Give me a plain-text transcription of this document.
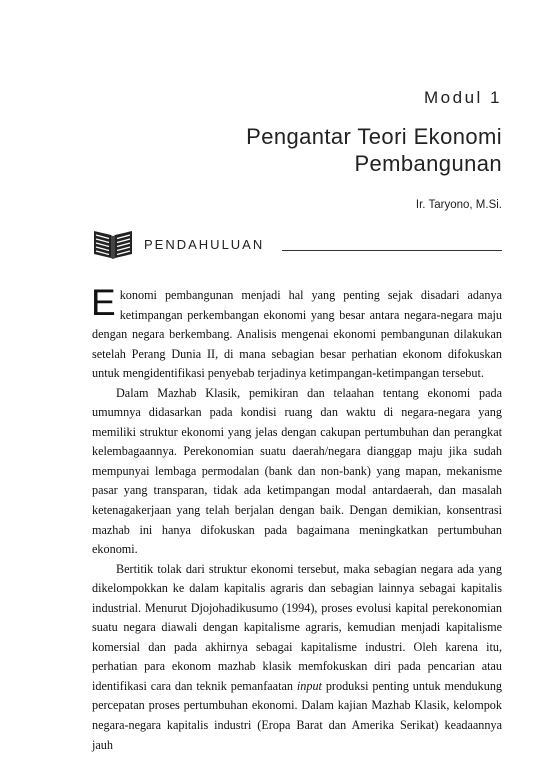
Modul 1
Pengantar Teori Ekonomi
Pembangunan
Ir. Taryono, M.Si.
PENDAHULUAN

Ekonomi pembangunan menjadi hal yang penting sejak disadari adanya ketimpangan perkembangan ekonomi yang besar antara negara-negara maju dengan negara berkembang. Analisis mengenai ekonomi pembangunan dilakukan setelah Perang Dunia II, di mana sebagian besar perhatian ekonom difokuskan untuk mengidentifikasi penyebab terjadinya ketimpangan-ketimpangan tersebut.

Dalam Mazhab Klasik, pemikiran dan telaahan tentang ekonomi pada umumnya didasarkan pada kondisi ruang dan waktu di negara-negara yang memiliki struktur ekonomi yang jelas dengan cakupan pertumbuhan dan perangkat kelembagaannya. Perekonomian suatu daerah/negara dianggap maju jika sudah mempunyai lembaga permodalan (bank dan non-bank) yang mapan, mekanisme pasar yang transparan, tidak ada ketimpangan modal antardaerah, dan masalah ketenagakerjaan yang telah berjalan dengan baik. Dengan demikian, konsentrasi mazhab ini hanya difokuskan pada bagaimana meningkatkan pertumbuhan ekonomi.

Bertitik tolak dari struktur ekonomi tersebut, maka sebagian negara ada yang dikelompokkan ke dalam kapitalis agraris dan sebagian lainnya sebagai kapitalis industrial. Menurut Djojohadikusumo (1994), proses evolusi kapital perekonomian suatu negara diawali dengan kapitalisme agraris, kemudian menjadi kapitalisme komersial dan pada akhirnya sebagai kapitalisme industri. Oleh karena itu, perhatian para ekonom mazhab klasik memfokuskan diri pada pencarian atau identifikasi cara dan teknik pemanfaatan input produksi penting untuk mendukung percepatan proses pertumbuhan ekonomi. Dalam kajian Mazhab Klasik, kelompok negara-negara kapitalis industri (Eropa Barat dan Amerika Serikat) keadaannya jauh
